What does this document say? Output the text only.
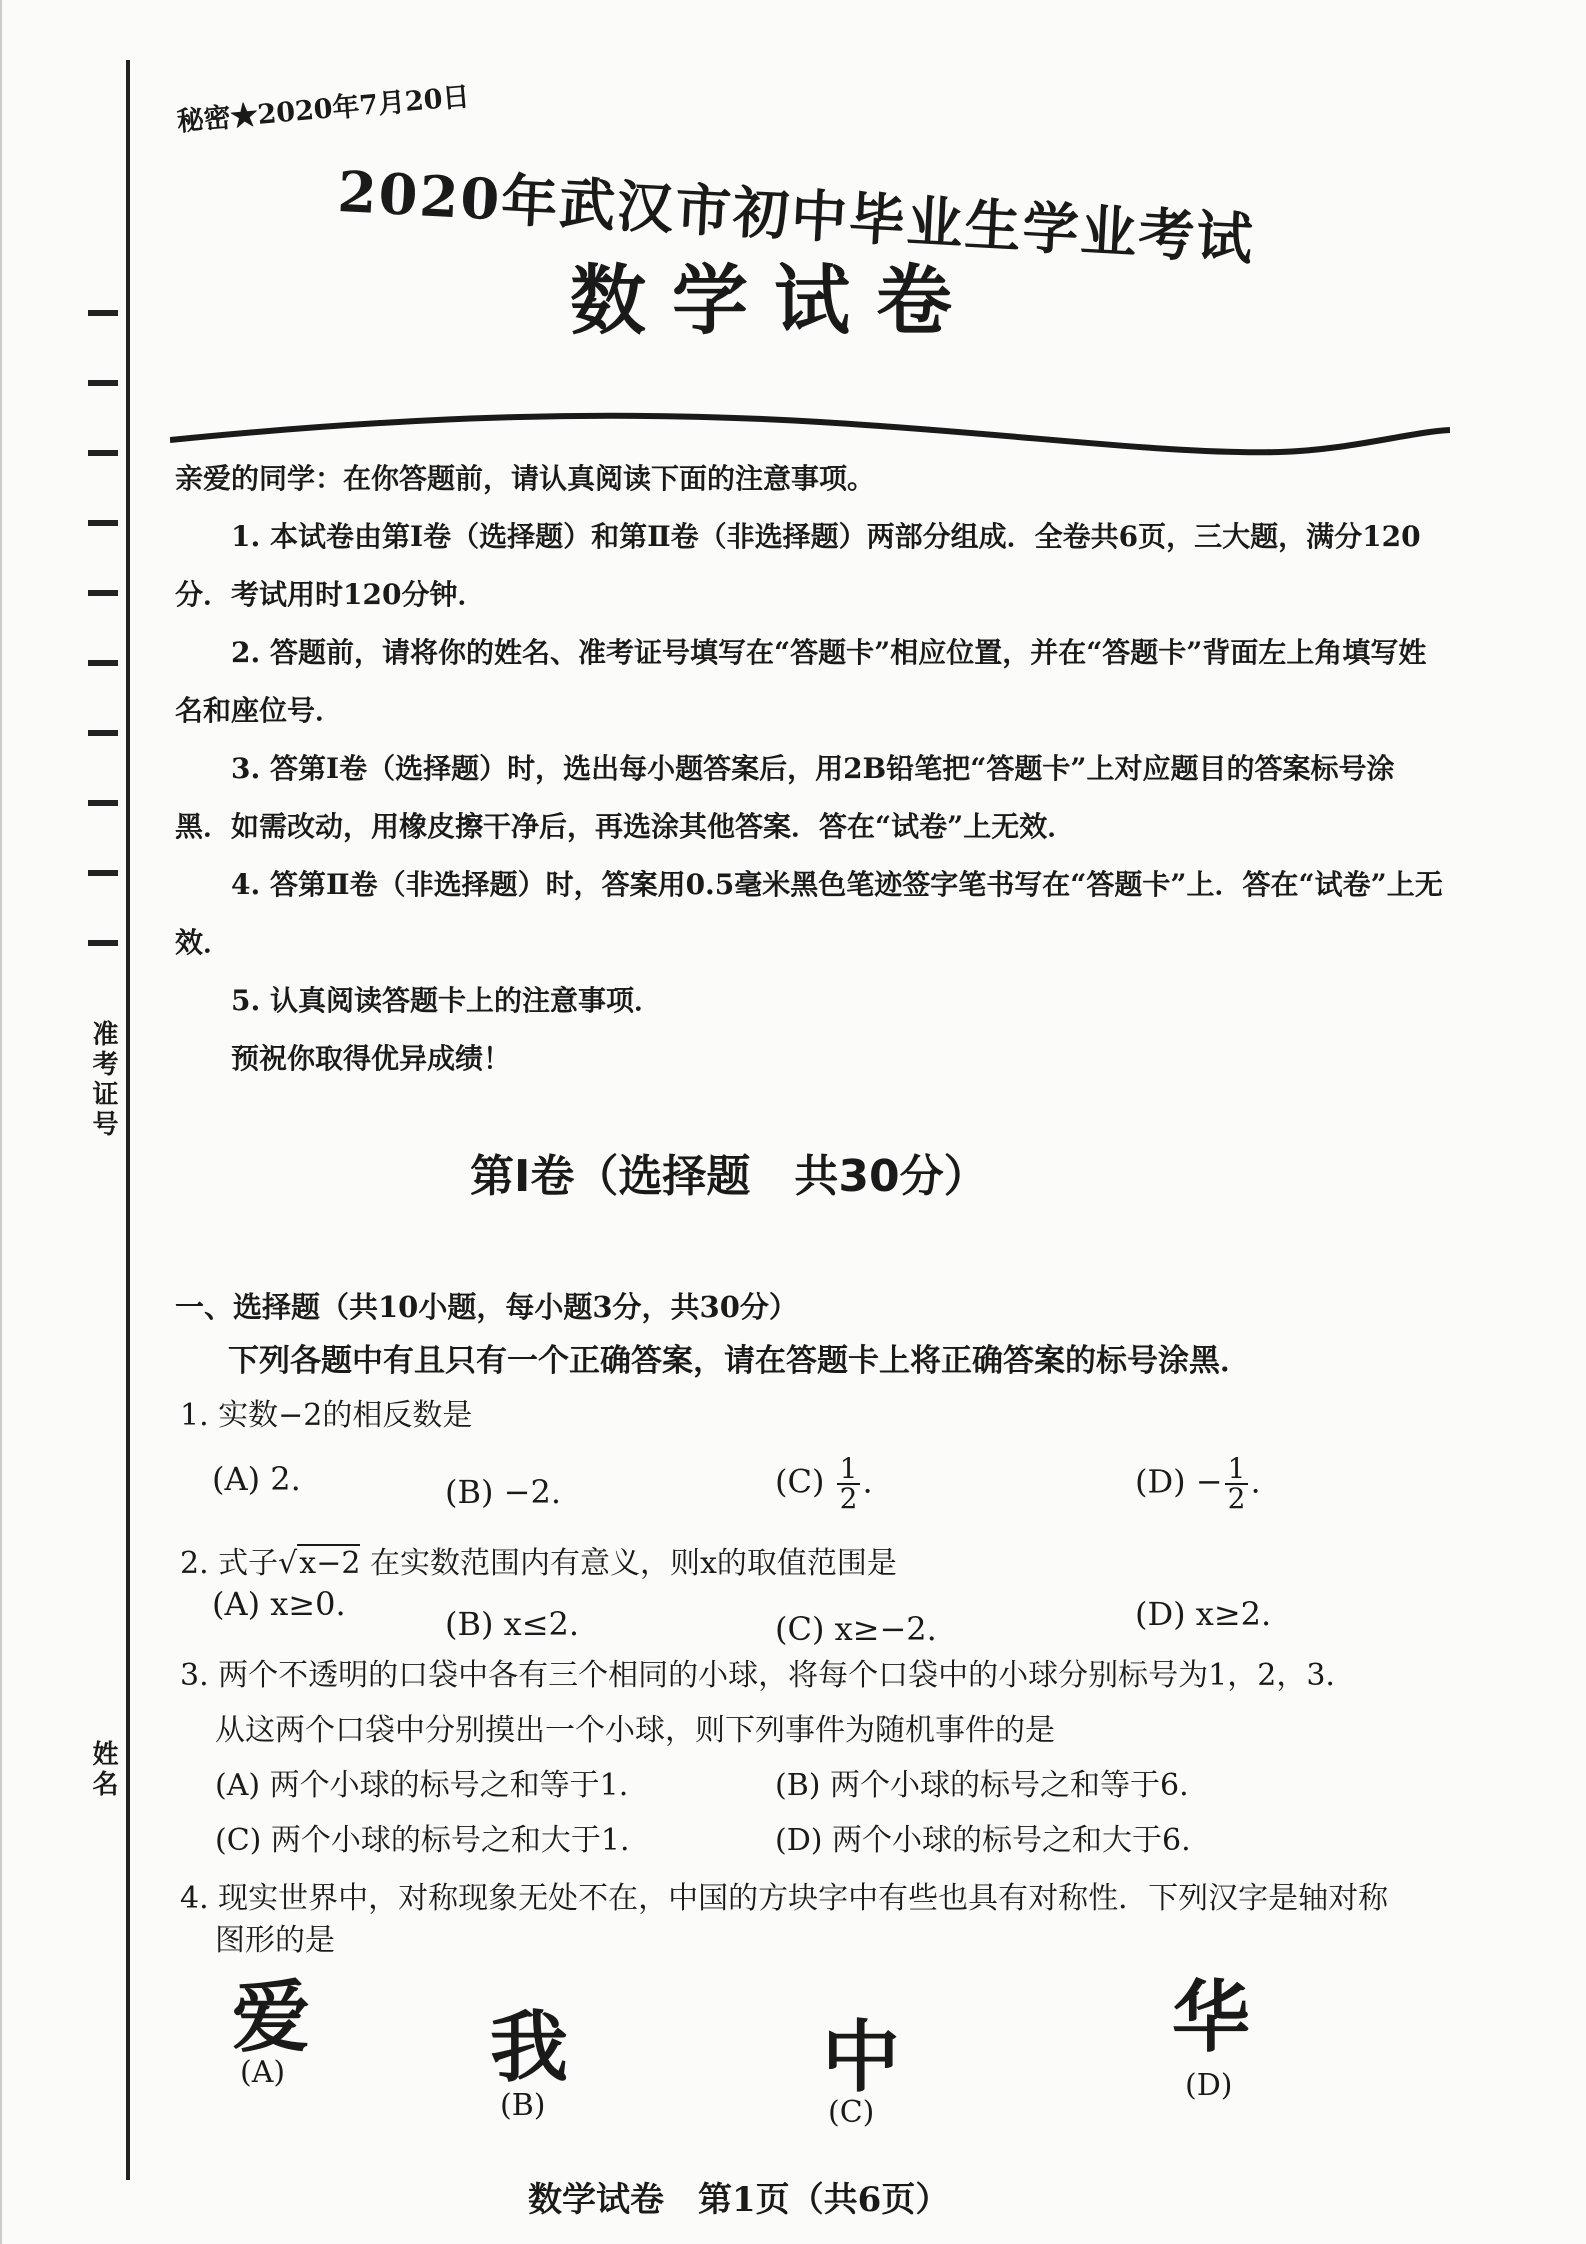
准考证号
姓名
秘密★2020年7月20日
2020年武汉市初中毕业生学业考试
数学试卷

亲爱的同学：在你答题前，请认真阅读下面的注意事项。

1. 本试卷由第Ⅰ卷（选择题）和第Ⅱ卷（非选择题）两部分组成．全卷共6页，三大题，满分120分．考试用时120分钟．

2. 答题前，请将你的姓名、准考证号填写在“答题卡”相应位置，并在“答题卡”背面左上角填写姓名和座位号．

3. 答第Ⅰ卷（选择题）时，选出每小题答案后，用2B铅笔把“答题卡”上对应题目的答案标号涂黑．如需改动，用橡皮擦干净后，再选涂其他答案．答在“试卷”上无效．

4. 答第Ⅱ卷（非选择题）时，答案用0.5毫米黑色笔迹签字笔书写在“答题卡”上．答在“试卷”上无效．

5. 认真阅读答题卡上的注意事项．

预祝你取得优异成绩！

第Ⅰ卷（选择题　共30分）
一、选择题（共10小题，每小题3分，共30分）
下列各题中有且只有一个正确答案，请在答题卡上将正确答案的标号涂黑．
1. 实数−2的相反数是
(A) 2.	(B) −2.	$(C) \frac{1}{2}$ .	$(D) - \frac{1}{2}$ .
2. 式子√x−2 在实数范围内有意义，则x的取值范围是
(A) x≥0.
(B) x≤2.	(C) x≥−2.	(D) x≥2.
3. 两个不透明的口袋中各有三个相同的小球，将每个口袋中的小球分别标号为1，2，3.
从这两个口袋中分别摸出一个小球，则下列事件为随机事件的是
(A) 两个小球的标号之和等于1.	(B) 两个小球的标号之和等于6.
(C) 两个小球的标号之和大于1.	(D) 两个小球的标号之和大于6.
4. 现实世界中，对称现象无处不在，中国的方块字中有些也具有对称性．下列汉字是轴对称
图形的是
爱
(A)	我
(B)
中
(C)
华
(D)
数学试卷　第1页（共6页）
